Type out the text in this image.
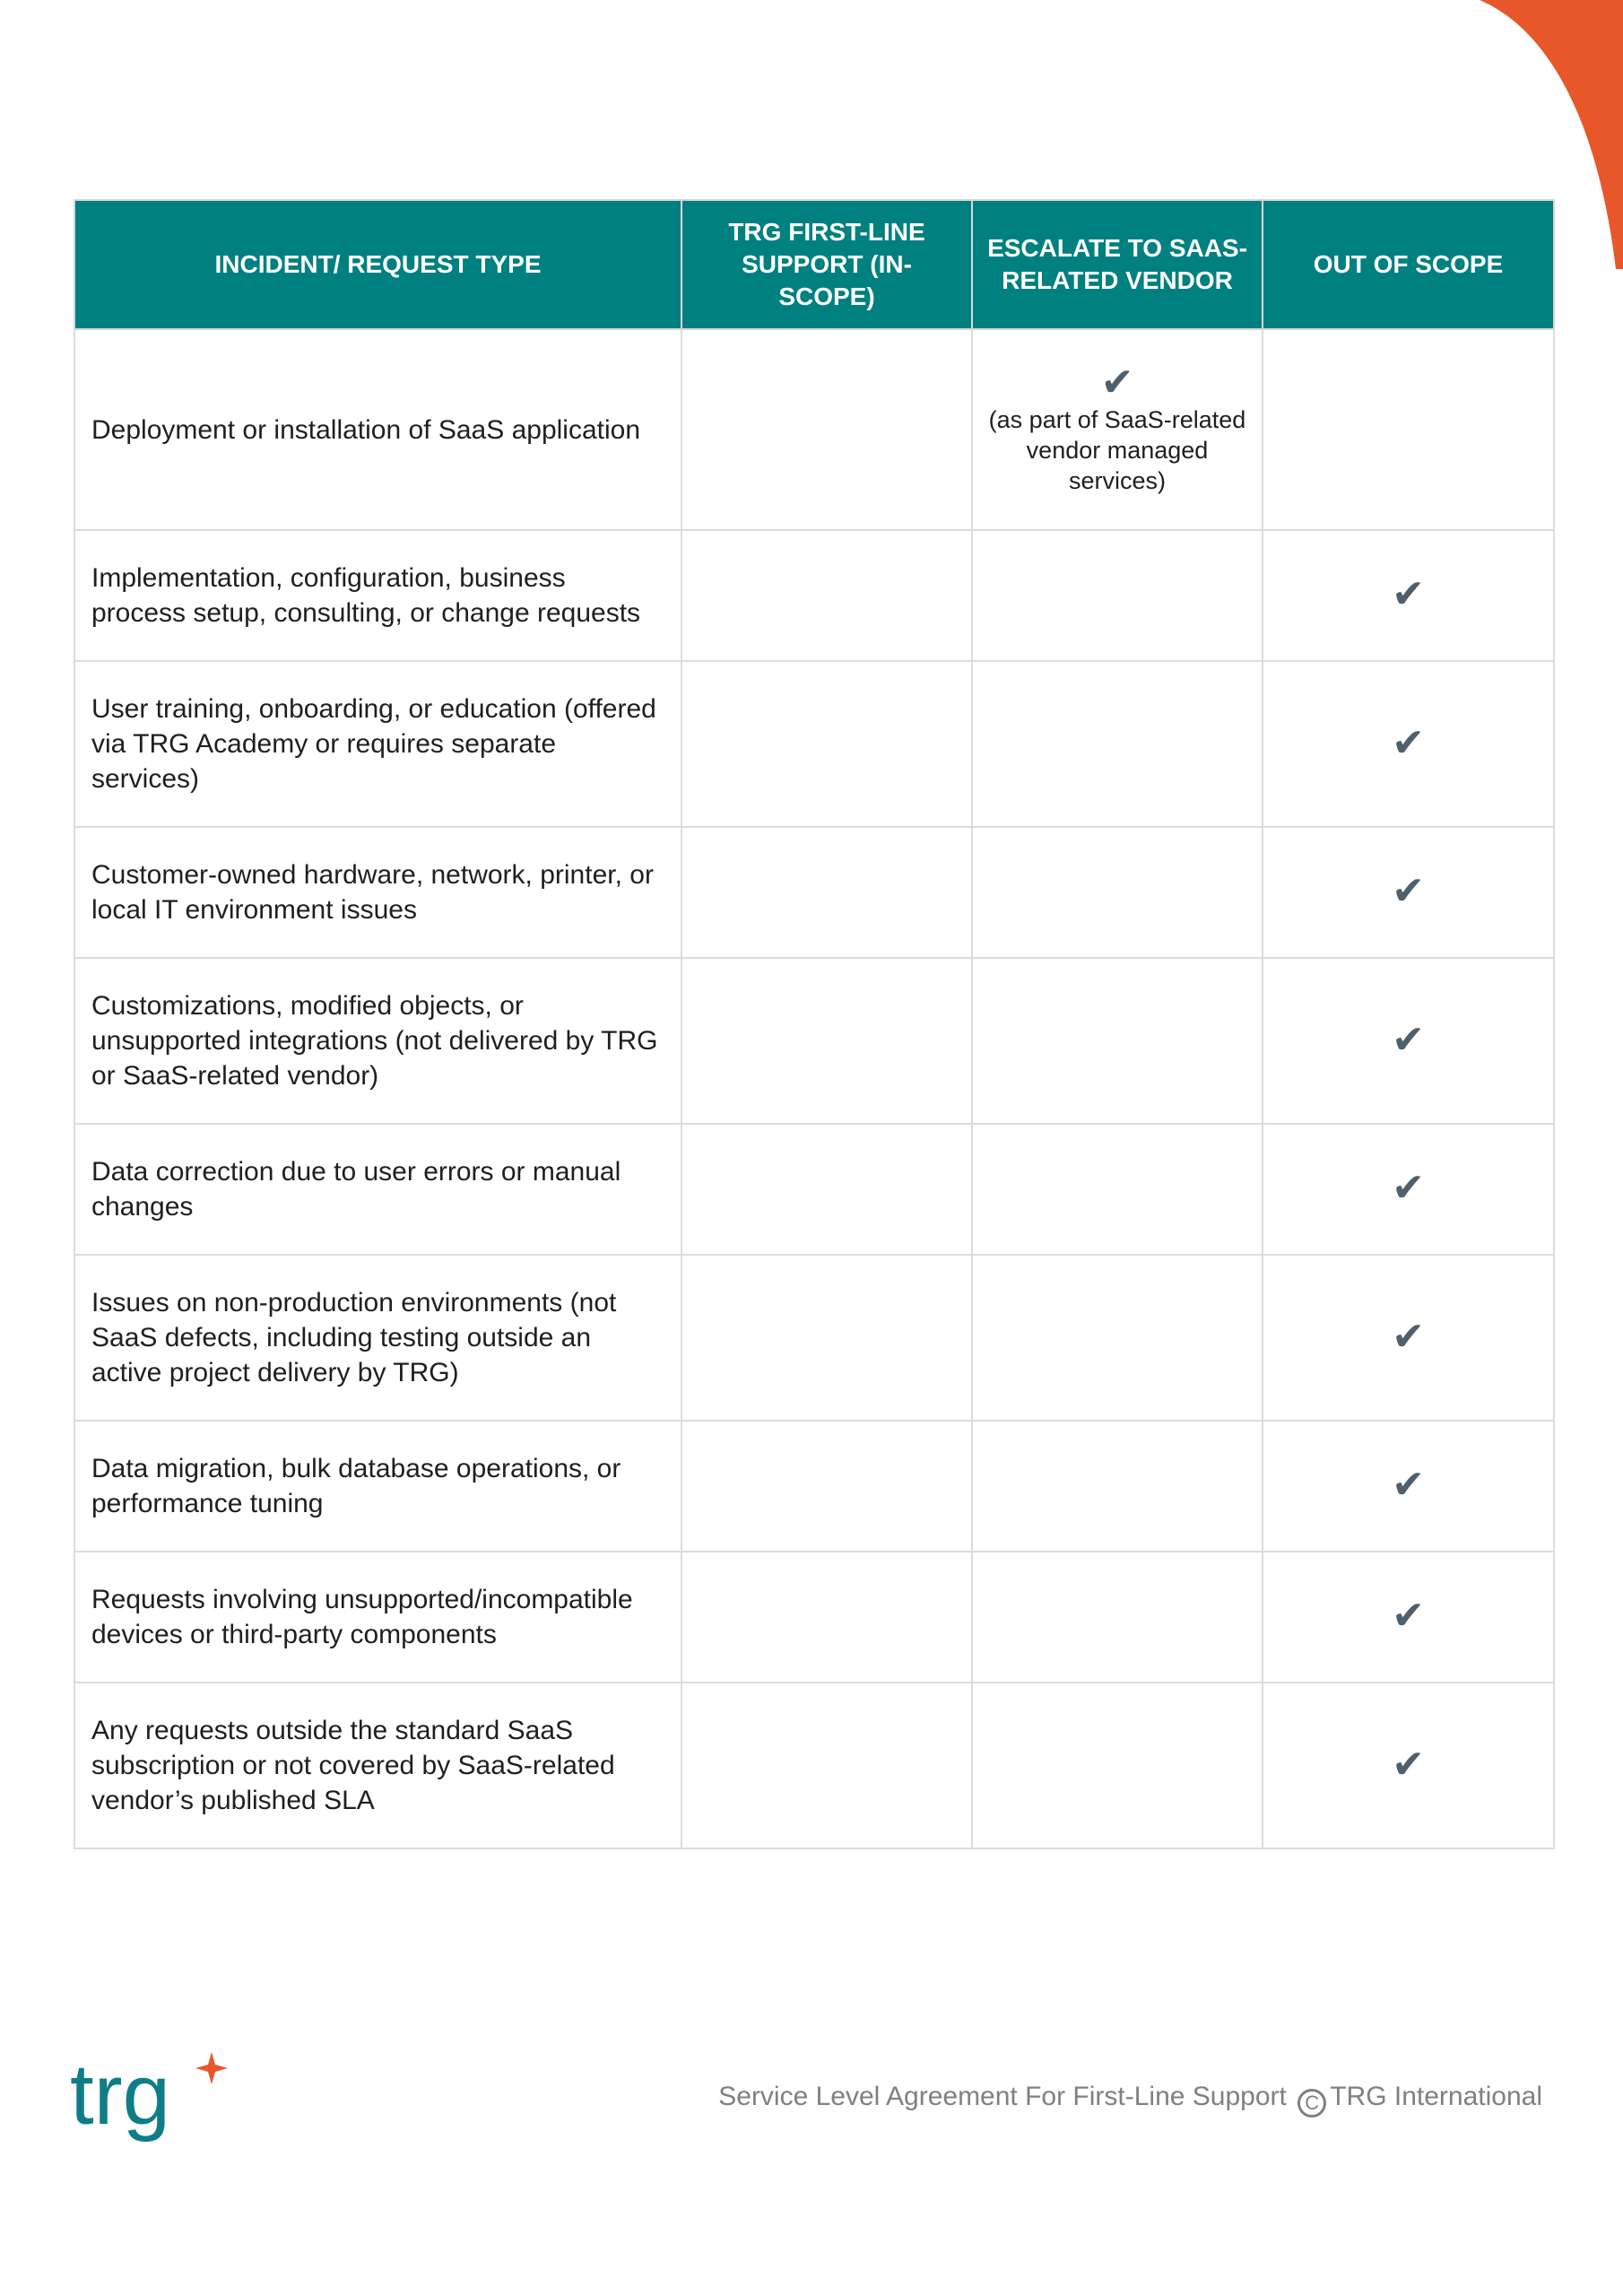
INCIDENT/ REQUEST TYPE	TRG FIRST-LINE SUPPORT (IN-SCOPE)	ESCALATE TO SAAS-RELATED VENDOR	OUT OF SCOPE
Deployment or installation of SaaS application		✔
(as part of SaaS-related vendor managed services)	

Implementation, configuration, business process setup, consulting, or change requests			✔
User training, onboarding, or education (offered via TRG Academy or requires separate services)			✔
Customer-owned hardware, network, printer, or local IT environment issues			✔
Customizations, modified objects, or unsupported integrations (not delivered by TRG or SaaS-related vendor)			✔
Data correction due to user errors or manual changes			✔
Issues on non-production environments (not SaaS defects, including testing outside an active project delivery by TRG)			✔
Data migration, bulk database operations, or performance tuning			✔
Requests involving unsupported/incompatible devices or third-party components			✔
Any requests outside the standard SaaS subscription or not covered by SaaS-related vendor’s published SLA			✔
trg	Service Level Agreement For First-Line Support C TRG International
